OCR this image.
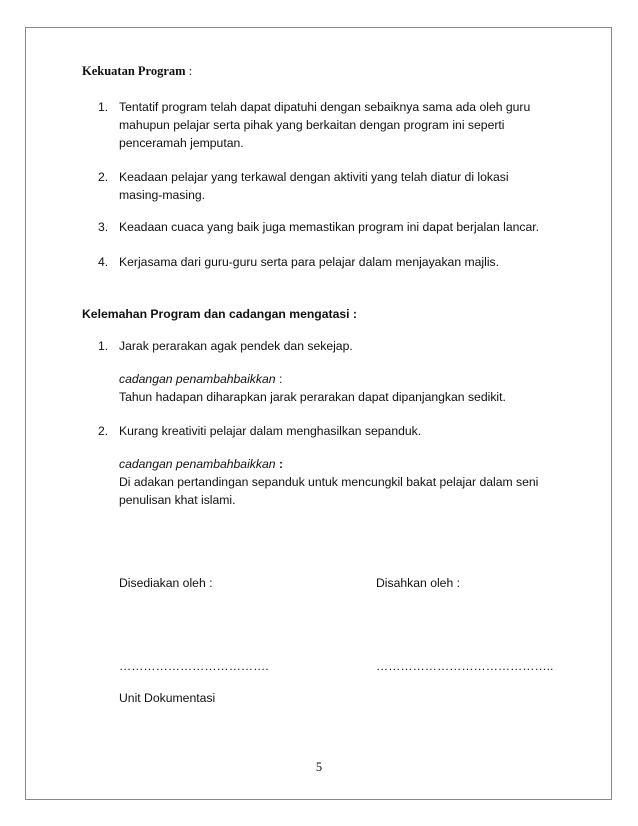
Kekuatan Program :
1. Tentatif program telah dapat dipatuhi dengan sebaiknya sama ada oleh guru mahupun pelajar serta pihak yang berkaitan dengan program ini seperti penceramah jemputan.
2. Keadaan pelajar yang terkawal dengan aktiviti yang telah diatur di lokasi masing-masing.
3. Keadaan cuaca yang baik juga memastikan program ini dapat berjalan lancar.
4. Kerjasama dari guru-guru serta para pelajar dalam menjayakan majlis.
Kelemahan Program dan cadangan mengatasi :
1. Jarak perarakan agak pendek dan sekejap.
cadangan penambahbaikkan :
Tahun hadapan diharapkan jarak perarakan dapat dipanjangkan sedikit.
2. Kurang kreativiti pelajar dalam menghasilkan sepanduk.
cadangan penambahbaikkan :
Di adakan pertandingan sepanduk untuk mencungkil bakat pelajar dalam seni penulisan khat islami.
Disediakan oleh :	Disahkan oleh :
……………………………….	……………………………………..
Unit Dokumentasi
5
